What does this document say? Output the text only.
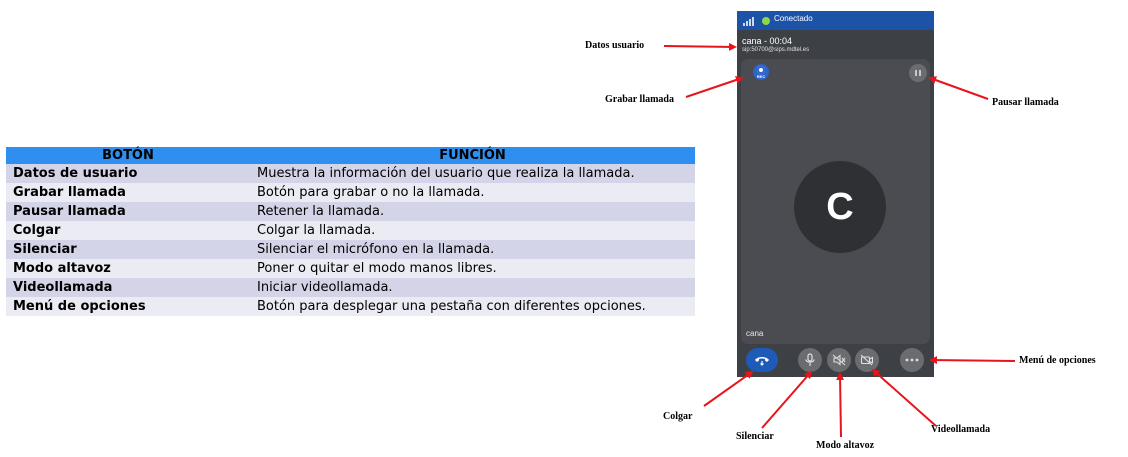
BOTÓN	FUNCIÓN
Datos de usuario	Muestra la información del usuario que realiza la llamada.
Grabar llamada	Botón para grabar o no la llamada.
Pausar llamada	Retener la llamada.
Colgar	Colgar la llamada.
Silenciar	Silenciar el micrófono en la llamada.
Modo altavoz	Poner o quitar el modo manos libres.
Videollamada	Iniciar videollamada.
Menú de opciones	Botón para desplegar una pestaña con diferentes opciones.
Conectado
cana - 00:04
sip:50700@sips.mdtel.es
REC
C
cana
Datos usuario
Grabar llamada	Pausar llamada
Menú de opciones
Colgar
Silenciar
Modo altavoz
Videollamada
